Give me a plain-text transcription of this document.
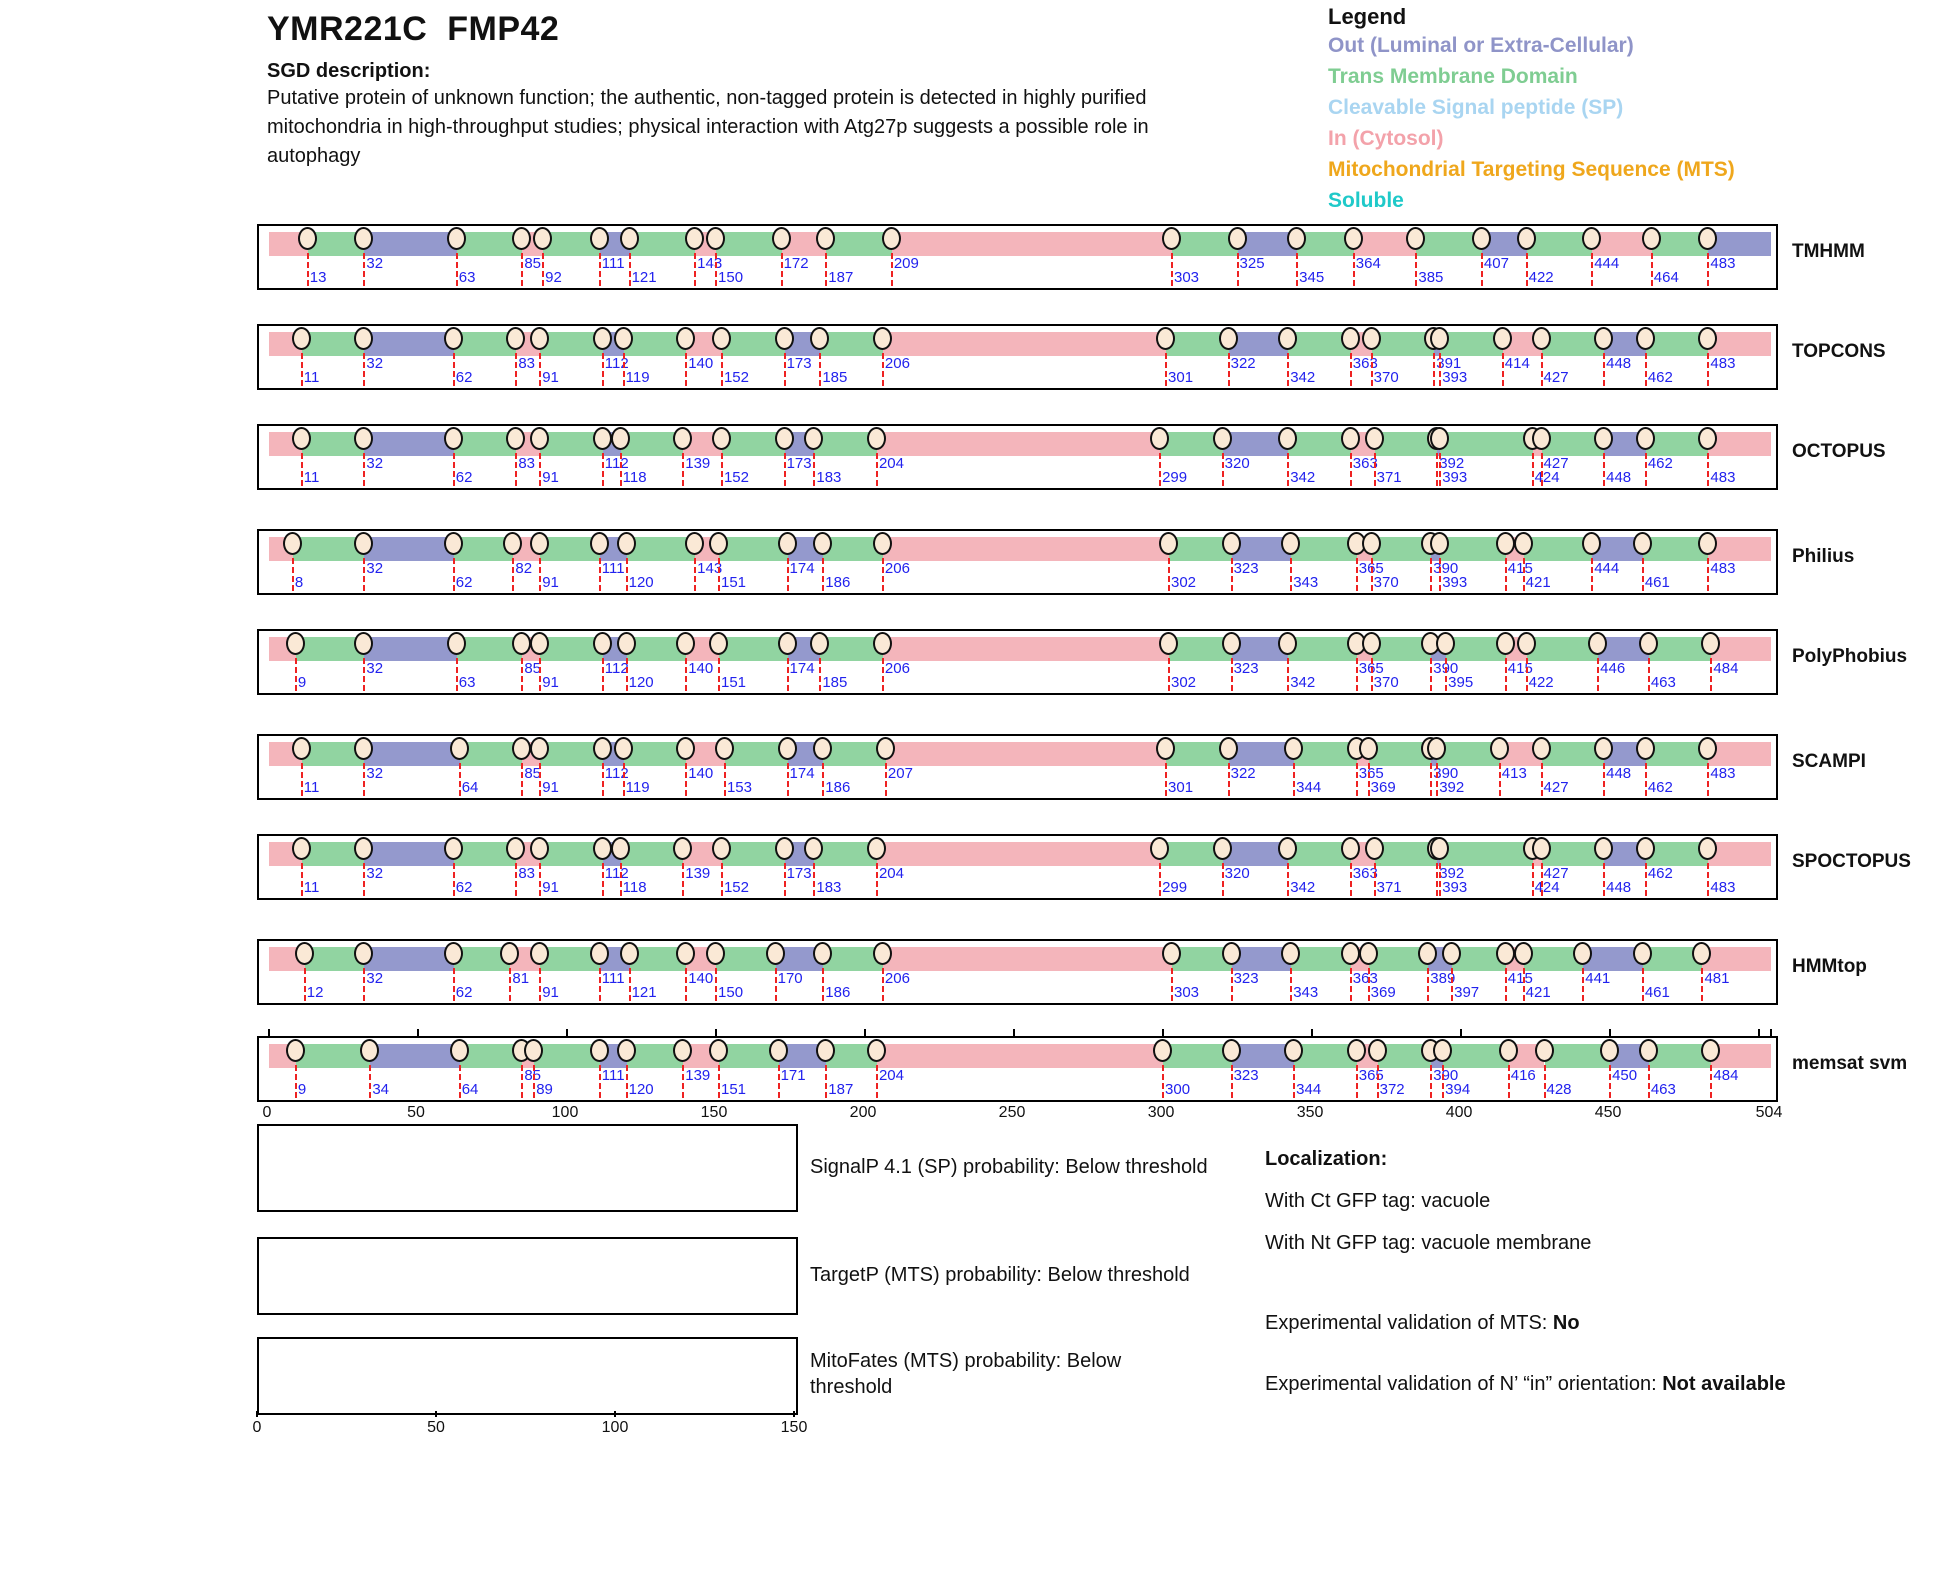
YMR221C  FMP42
SGD description:
Putative protein of unknown function; the authentic, non-tagged protein is detected in highly purified mitochondria in high-throughput studies; physical interaction with Atg27p suggests a possible role in autophagy
Legend
Out (Luminal or Extra-Cellular)
Trans Membrane Domain
Cleavable Signal peptide (SP)
In (Cytosol)
Mitochondrial Targeting Sequence (MTS)
Soluble
13
32
63
85
92
111
121
143
150
172
187
209
303
325
345
364
385
407
422
444
464
483
TMHMM
11
32
62
83
91
112
119
140
152
173
185
206
301
322
342
363
370
391
393
414
427
448
462
483
TOPCONS
11
32
62
83
91
112
118
139
152
173
183
204
299
320
342
363
371
392
393	424
427
448
462
483
OCTOPUS
8
32
62
82
91
111
120
143
151
174
186
206
302
323
343
365
370
390
393
415
421
444
461
483
Philius
9
32
63
85
91
112
120
140
151
174
185
206
302
323
342
365
370
390
395
415
422
446
463
484
PolyPhobius
11
32
64
85
91
112
119
140
153
174
186
207
301
322
344
365
369
390
392
413
427
448
462
483
SCAMPI
11
32
62
83
91
112
118
139
152
173
183
204
299
320
342
363
371
392
393	424
427
448
462
483
SPOCTOPUS
12
32
62
81
91
111
121
140
150
170
186
206
303
323
343
363
369
389
397
415
421
441
461
481
HMMtop
9	34	64
85
89
111
120
139
151
171
187
204
300
323
344
365
372
390
394
416
428
450
463
484
memsat svm
0	50	100	150	200	250	300	350	400	450	504
0	50	100	150
SignalP 4.1 (SP) probability: Below threshold
TargetP (MTS) probability: Below threshold
MitoFates (MTS) probability: Below threshold
Localization:
With Ct GFP tag: vacuole
With Nt GFP tag: vacuole membrane
Experimental validation of MTS: No
Experimental validation of N’ “in” orientation: Not available
